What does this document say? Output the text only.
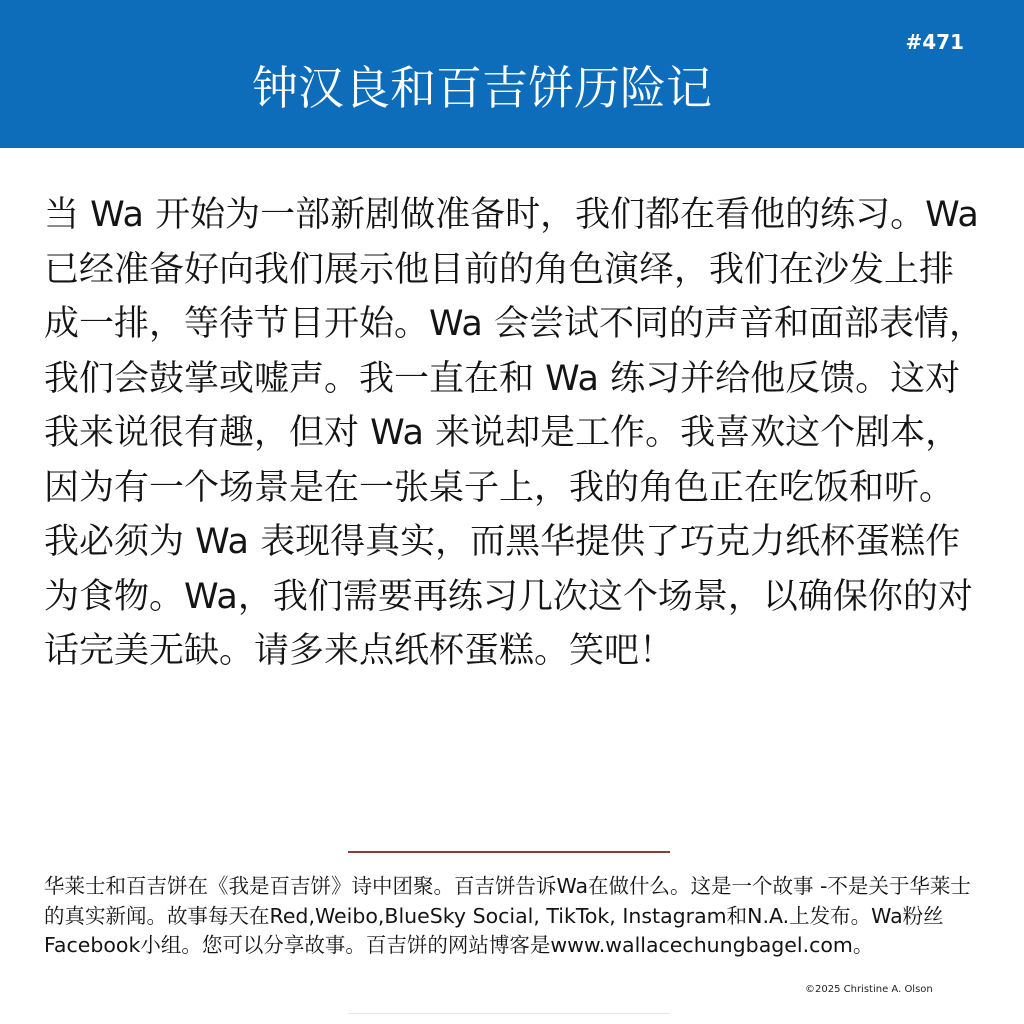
#471
钟汉良和百吉饼历险记

当 Wa 开始为一部新剧做准备时，我们都在看他的练习。Wa 已经准备好向我们展示他目前的角色演绎，我们在沙发上排成一排，等待节目开始。Wa 会尝试不同的声音和面部表情，我们会鼓掌或嘘声。我一直在和 Wa 练习并给他反馈。这对我来说很有趣，但对 Wa 来说却是工作。我喜欢这个剧本，因为有一个场景是在一张桌子上，我的角色正在吃饭和听。我必须为 Wa 表现得真实，而黑华提供了巧克力纸杯蛋糕作为食物。Wa，我们需要再练习几次这个场景，以确保你的对话完美无缺。请多来点纸杯蛋糕。笑吧！

华莱士和百吉饼在《我是百吉饼》诗中团聚。百吉饼告诉Wa在做什么。这是一个故事 -不是关于华莱士的真实新闻。故事每天在Red,Weibo,BlueSky Social, TikTok, Instagram和N.A.上发布。Wa粉丝Facebook小组。您可以分享故事。百吉饼的网站博客是www.wallacechungbagel.com。

©2025 Christine A. Olson
